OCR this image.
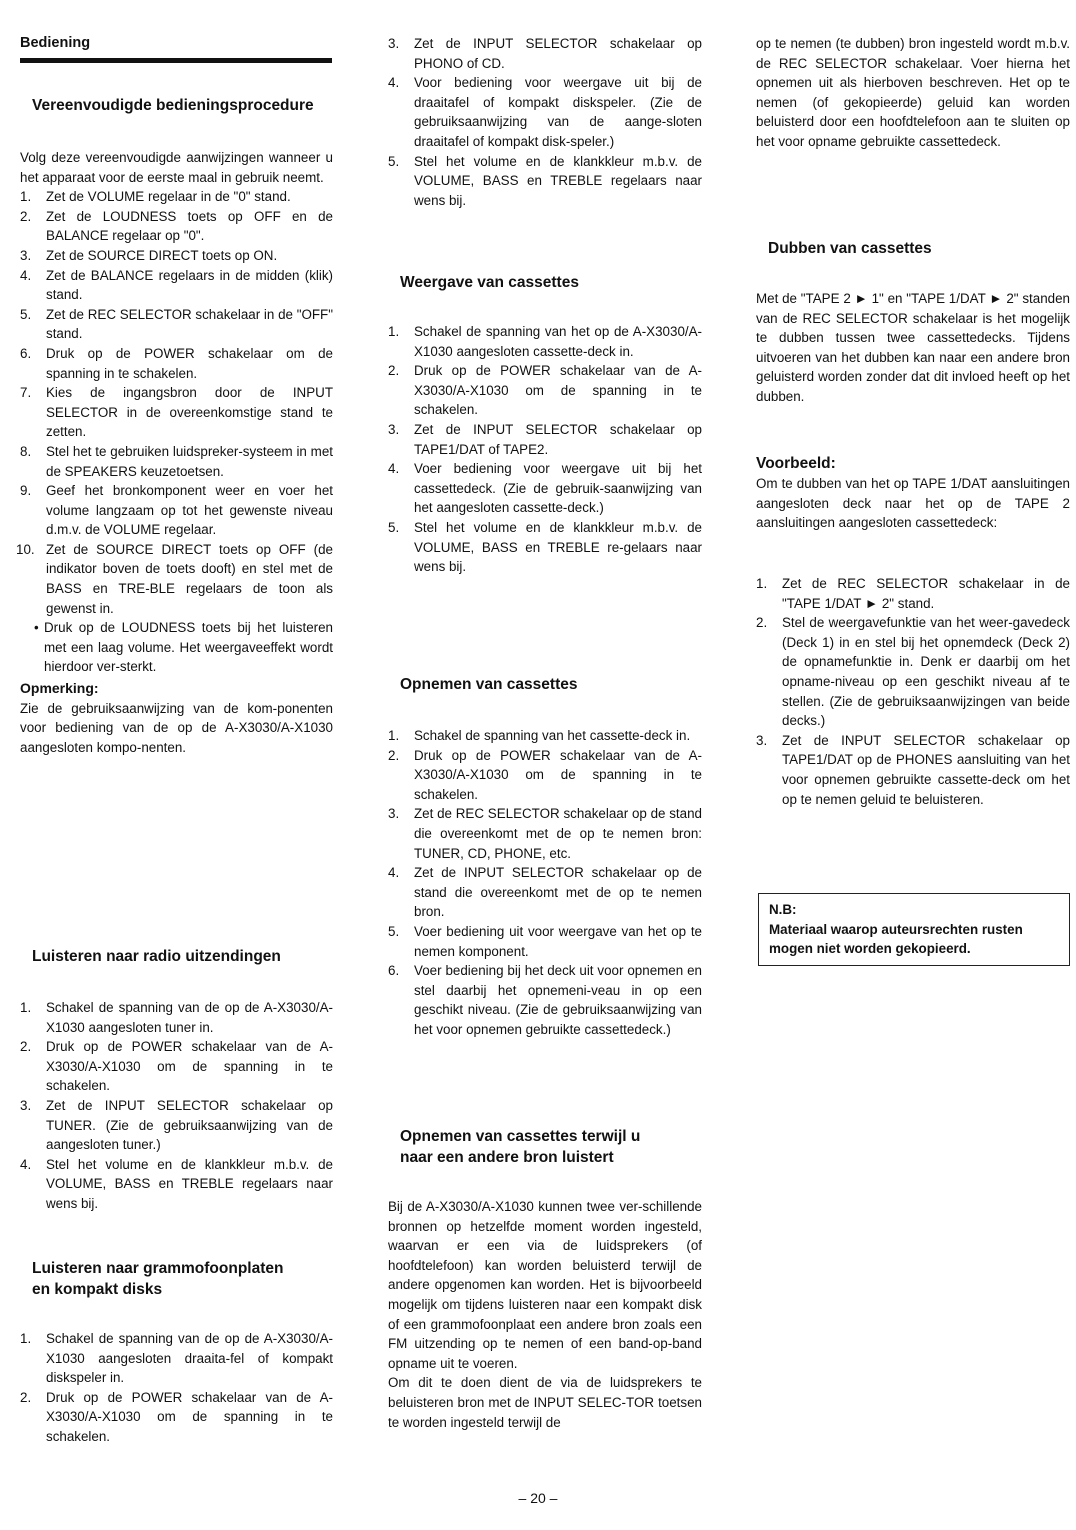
Bediening
Vereenvoudigde bedieningsprocedure

Volg deze vereenvoudigde aanwijzingen wanneer u het apparaat voor de eerste maal in gebruik neemt.

1.	Zet de VOLUME regelaar in de "0" stand.
2.	Zet de LOUDNESS toets op OFF en de BALANCE regelaar op "0".
3.	Zet de SOURCE DIRECT toets op ON.
4.	Zet de BALANCE regelaars in de midden (klik) stand.
5.	Zet de REC SELECTOR schakelaar in de "OFF" stand.
6.	Druk op de POWER schakelaar om de spanning in te schakelen.
7.	Kies de ingangsbron door de INPUT SELECTOR in de overeenkomstige stand te zetten.
8.	Stel het te gebruiken luidspreker-systeem in met de SPEAKERS keuzetoetsen.
9.	Geef het bronkomponent weer en voer het volume langzaam op tot het gewenste niveau d.m.v. de VOLUME regelaar.
10. Zet de SOURCE DIRECT toets op OFF (de indikator boven de toets dooft) en stel met de BASS en TRE-BLE regelaars de toon als gewenst in.
• Druk op de LOUDNESS toets bij het luisteren met een laag volume. Het weergaveeffekt wordt hierdoor ver-sterkt.
Opmerking:

Zie de gebruiksaanwijzing van de kom-ponenten voor bediening van de op de A-X3030/A-X1030 aangesloten kompo-nenten.

Luisteren naar radio uitzendingen
1.	Schakel de spanning van de op de A-X3030/A-X1030 aangesloten tuner in.
2.	Druk op de POWER schakelaar van de A-X3030/A-X1030 om de spanning in te schakelen.
3.	Zet de INPUT SELECTOR schakelaar op TUNER. (Zie de gebruiksaanwijzing van de aangesloten tuner.)
4.	Stel het volume en de klankkleur m.b.v. de VOLUME, BASS en TREBLE regelaars naar wens bij.
Luisteren naar grammofoonplaten
en kompakt disks
1.	Schakel de spanning van de op de A-X3030/A-X1030 aangesloten draaita-fel of kompakt diskspeler in.
2.	Druk op de POWER schakelaar van de A-X3030/A-X1030 om de spanning in te schakelen.
3.	Zet de INPUT SELECTOR schakelaar op PHONO of CD.
4.	Voor bediening voor weergave uit bij de draaitafel of kompakt diskspeler. (Zie de gebruiksaanwijzing van de aange-sloten draaitafel of kompakt disk-speler.)
5.	Stel het volume en de klankkleur m.b.v. de VOLUME, BASS en TREBLE regelaars naar wens bij.
Weergave van cassettes
1.	Schakel de spanning van het op de A-X3030/A-X1030 aangesloten cassette-deck in.
2.	Druk op de POWER schakelaar van de A-X3030/A-X1030 om de spanning in te schakelen.
3.	Zet de INPUT SELECTOR schakelaar op TAPE1/DAT of TAPE2.
4.	Voer bediening voor weergave uit bij het cassettedeck. (Zie de gebruik-saanwijzing van het aangesloten cassette-deck.)
5.	Stel het volume en de klankkleur m.b.v. de VOLUME, BASS en TREBLE re-gelaars naar wens bij.
Opnemen van cassettes
1.	Schakel de spanning van het cassette-deck in.
2.	Druk op de POWER schakelaar van de A-X3030/A-X1030 om de spanning in te schakelen.
3.	Zet de REC SELECTOR schakelaar op de stand die overeenkomt met de op te nemen bron: TUNER, CD, PHONE, etc.
4.	Zet de INPUT SELECTOR schakelaar op de stand die overeenkomt met de op te nemen bron.
5.	Voer bediening uit voor weergave van het op te nemen komponent.
6.	Voer bediening bij het deck uit voor opnemen en stel daarbij het opnemeni-veau in op een geschikt niveau. (Zie de gebruiksaanwijzing van het voor opnemen gebruikte cassettedeck.)
Opnemen van cassettes terwijl u
naar een andere bron luistert

Bij de A-X3030/A-X1030 kunnen twee ver-schillende bronnen op hetzelfde moment worden ingesteld, waarvan er een via de luidsprekers (of hoofdtelefoon) kan worden beluisterd terwijl de andere opgenomen kan worden. Het is bijvoorbeeld mogelijk om tijdens luisteren naar een kompakt disk of een grammofoonplaat een andere bron zoals een FM uitzending op te nemen of een band-op-band opname uit te voeren.

Om dit te doen dient de via de luidsprekers te beluisteren bron met de INPUT SELEC-TOR toetsen te worden ingesteld terwijl de

op te nemen (te dubben) bron ingesteld wordt m.b.v. de REC SELECTOR schakelaar. Voer hierna het opnemen uit als hierboven beschreven. Het op te nemen (of gekopieerde) geluid kan worden beluisterd door een hoofdtelefoon aan te sluiten op het voor opname gebruikte cassettedeck.

Dubben van cassettes

Met de "TAPE 2 ► 1" en "TAPE 1/DAT ► 2" standen van de REC SELECTOR schakelaar is het mogelijk te dubben tussen twee cassettedecks. Tijdens uitvoeren van het dubben kan naar een andere bron geluisterd worden zonder dat dit invloed heeft op het dubben.

Voorbeeld:

Om te dubben van het op TAPE 1/DAT aansluitingen aangesloten deck naar het op de TAPE 2 aansluitingen aangesloten cassettedeck:

1.	Zet de REC SELECTOR schakelaar in de "TAPE 1/DAT ► 2" stand.
2.	Stel de weergavefunktie van het weer-gavedeck (Deck 1) in en stel bij het opnemdeck (Deck 2) de opnamefunktie in. Denk er daarbij om het opname-niveau op een geschikt niveau af te stellen. (Zie de gebruiksaanwijzingen van beide decks.)
3.	Zet de INPUT SELECTOR schakelaar op TAPE1/DAT op de PHONES aansluiting van het voor opnemen gebruikte cassette-deck om het op te nemen geluid te beluisteren.
N.B:
Materiaal waarop auteursrechten rusten mogen niet worden gekopieerd.
– 20 –
